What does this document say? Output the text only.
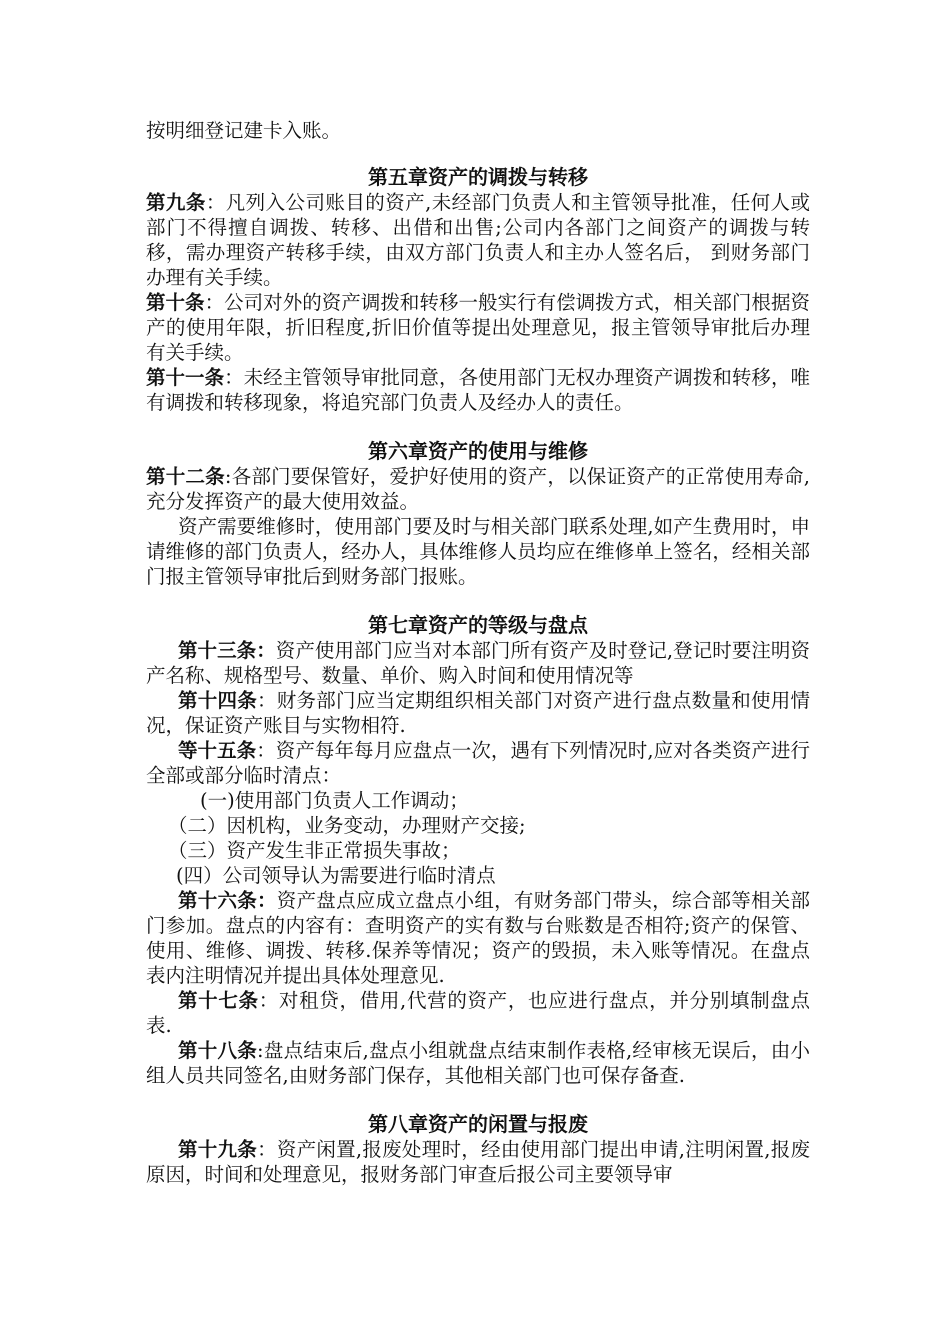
按明细登记建卡入账。

第五章资产的调拨与转移

第九条：凡列入公司账目的资产,未经部门负责人和主管领导批准，任何人或部门不得擅自调拨、转移、出借和出售;公司内各部门之间资产的调拨与转移，需办理资产转移手续，由双方部门负责人和主办人签名后， 到财务部门办理有关手续。

第十条：公司对外的资产调拨和转移一般实行有偿调拨方式，相关部门根据资产的使用年限，折旧程度,折旧价值等提出处理意见，报主管领导审批后办理有关手续。

第十一条：未经主管领导审批同意，各使用部门无权办理资产调拨和转移，唯有调拨和转移现象，将追究部门负责人及经办人的责任。

第六章资产的使用与维修

第十二条:各部门要保管好，爱护好使用的资产，以保证资产的正常使用寿命,充分发挥资产的最大使用效益。

资产需要维修时，使用部门要及时与相关部门联系处理,如产生费用时，申请维修的部门负责人，经办人，具体维修人员均应在维修单上签名，经相关部门报主管领导审批后到财务部门报账。

第七章资产的等级与盘点

第十三条：资产使用部门应当对本部门所有资产及时登记,登记时要注明资产名称、规格型号、数量、单价、购入时间和使用情况等

第十四条：财务部门应当定期组织相关部门对资产进行盘点数量和使用情况，保证资产账目与实物相符.

等十五条：资产每年每月应盘点一次，遇有下列情况时,应对各类资产进行全部或部分临时清点：

(一)使用部门负责人工作调动；

（二）因机构，业务变动，办理财产交接;

（三）资产发生非正常损失事故；

(四）公司领导认为需要进行临时清点

第十六条：资产盘点应成立盘点小组，有财务部门带头，综合部等相关部门参加。盘点的内容有：查明资产的实有数与台账数是否相符;资产的保管、使用、维修、调拨、转移.保养等情况；资产的毁损，未入账等情况。在盘点表内注明情况并提出具体处理意见.

第十七条：对租贷，借用,代营的资产，也应进行盘点，并分别填制盘点表.

第十八条:盘点结束后,盘点小组就盘点结束制作表格,经审核无误后，由小组人员共同签名,由财务部门保存，其他相关部门也可保存备查.

第八章资产的闲置与报废

第十九条：资产闲置,报废处理时，经由使用部门提出申请,注明闲置,报废原因，时间和处理意见，报财务部门审查后报公司主要领导审
